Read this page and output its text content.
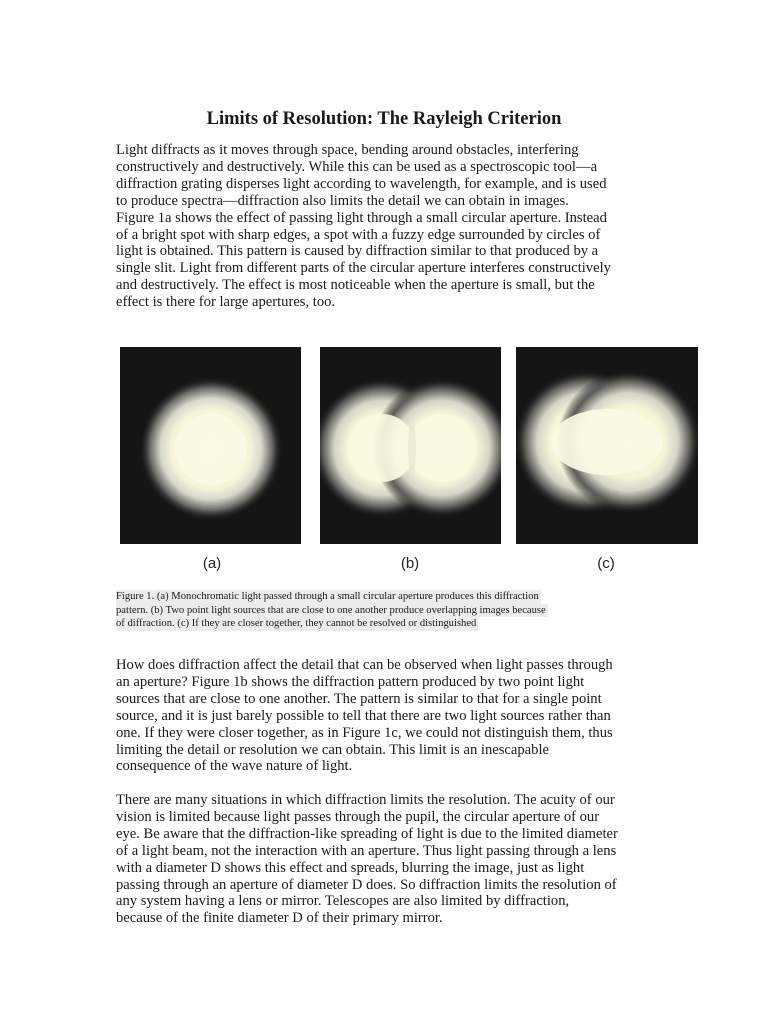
Limits of Resolution: The Rayleigh Criterion

Light diffracts as it moves through space, bending around obstacles, interfering
constructively and destructively. While this can be used as a spectroscopic tool—a
diffraction grating disperses light according to wavelength, for example, and is used
to produce spectra—diffraction also limits the detail we can obtain in images.
Figure 1a shows the effect of passing light through a small circular aperture. Instead
of a bright spot with sharp edges, a spot with a fuzzy edge surrounded by circles of
light is obtained. This pattern is caused by diffraction similar to that produced by a
single slit. Light from different parts of the circular aperture interferes constructively
and destructively. The effect is most noticeable when the aperture is small, but the
effect is there for large apertures, too.

(a)	(b)	(c)

Figure 1. (a) Monochromatic light passed through a small circular aperture produces this diffraction
pattern. (b) Two point light sources that are close to one another produce overlapping images because
of diffraction. (c) If they are closer together, they cannot be resolved or distinguished

How does diffraction affect the detail that can be observed when light passes through
an aperture? Figure 1b shows the diffraction pattern produced by two point light
sources that are close to one another. The pattern is similar to that for a single point
source, and it is just barely possible to tell that there are two light sources rather than
one. If they were closer together, as in Figure 1c, we could not distinguish them, thus
limiting the detail or resolution we can obtain. This limit is an inescapable
consequence of the wave nature of light.

There are many situations in which diffraction limits the resolution. The acuity of our
vision is limited because light passes through the pupil, the circular aperture of our
eye. Be aware that the diffraction-like spreading of light is due to the limited diameter
of a light beam, not the interaction with an aperture. Thus light passing through a lens
with a diameter D shows this effect and spreads, blurring the image, just as light
passing through an aperture of diameter D does. So diffraction limits the resolution of
any system having a lens or mirror. Telescopes are also limited by diffraction,
because of the finite diameter D of their primary mirror.
